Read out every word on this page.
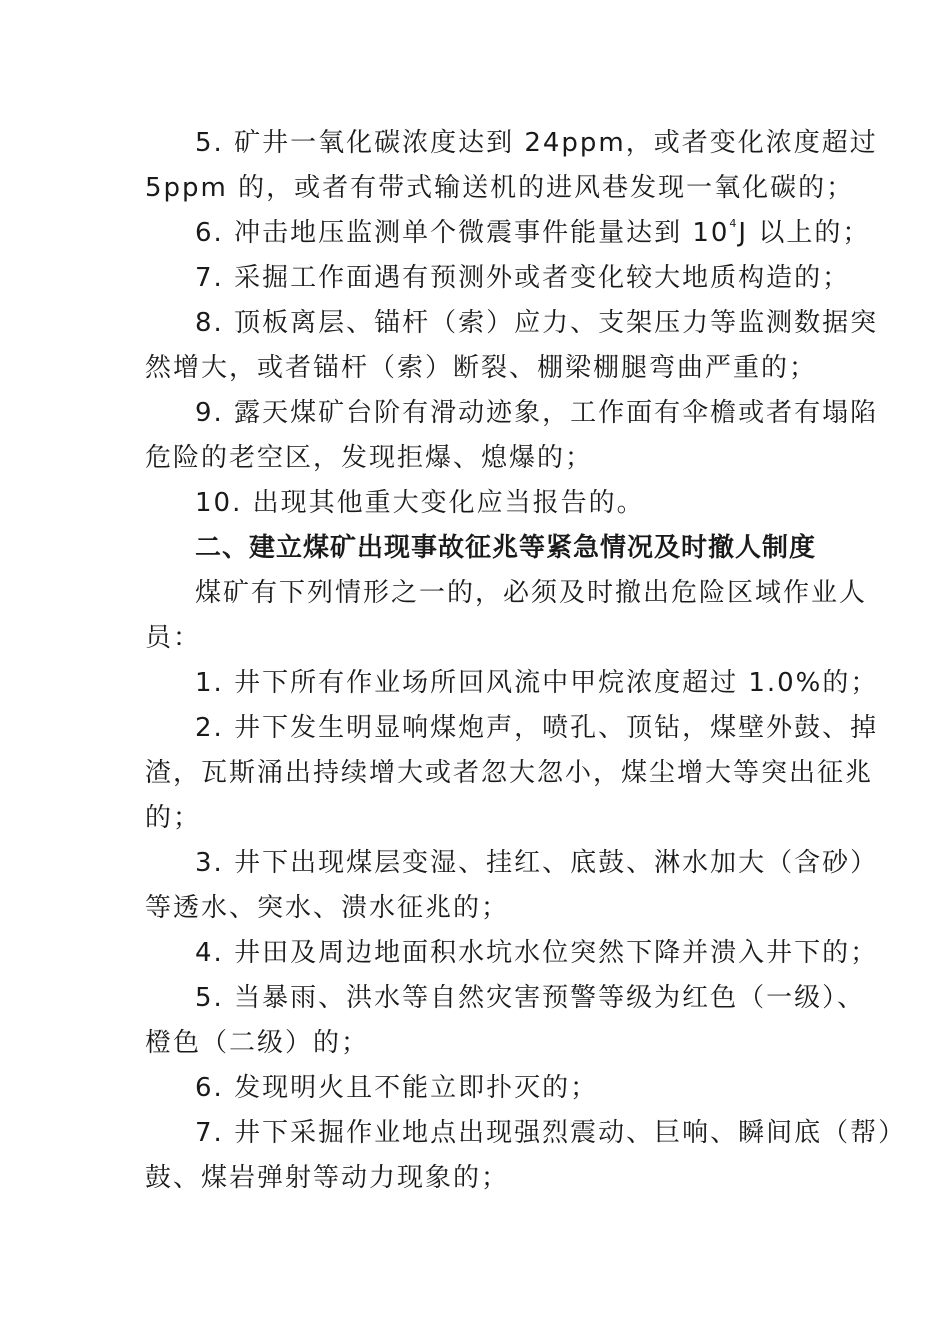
5. 矿井一氧化碳浓度达到 24ppm，或者变化浓度超过
5ppm 的，或者有带式输送机的进风巷发现一氧化碳的；
6. 冲击地压监测单个微震事件能量达到 $10^4J$ 以上的；
7. 采掘工作面遇有预测外或者变化较大地质构造的；
8. 顶板离层、锚杆（索）应力、支架压力等监测数据突
然增大，或者锚杆（索）断裂、棚梁棚腿弯曲严重的；
9. 露天煤矿台阶有滑动迹象，工作面有伞檐或者有塌陷
危险的老空区，发现拒爆、熄爆的；
10. 出现其他重大变化应当报告的。
二、建立煤矿出现事故征兆等紧急情况及时撤人制度
煤矿有下列情形之一的，必须及时撤出危险区域作业人
员：
1. 井下所有作业场所回风流中甲烷浓度超过 1.0%的；
2. 井下发生明显响煤炮声，喷孔、顶钻，煤壁外鼓、掉
渣，瓦斯涌出持续增大或者忽大忽小，煤尘增大等突出征兆
的；
3. 井下出现煤层变湿、挂红、底鼓、淋水加大（含砂）
等透水、突水、溃水征兆的；
4. 井田及周边地面积水坑水位突然下降并溃入井下的；
5. 当暴雨、洪水等自然灾害预警等级为红色（一级）、
橙色（二级）的；
6. 发现明火且不能立即扑灭的；
7. 井下采掘作业地点出现强烈震动、巨响、瞬间底（帮）
鼓、煤岩弹射等动力现象的；
